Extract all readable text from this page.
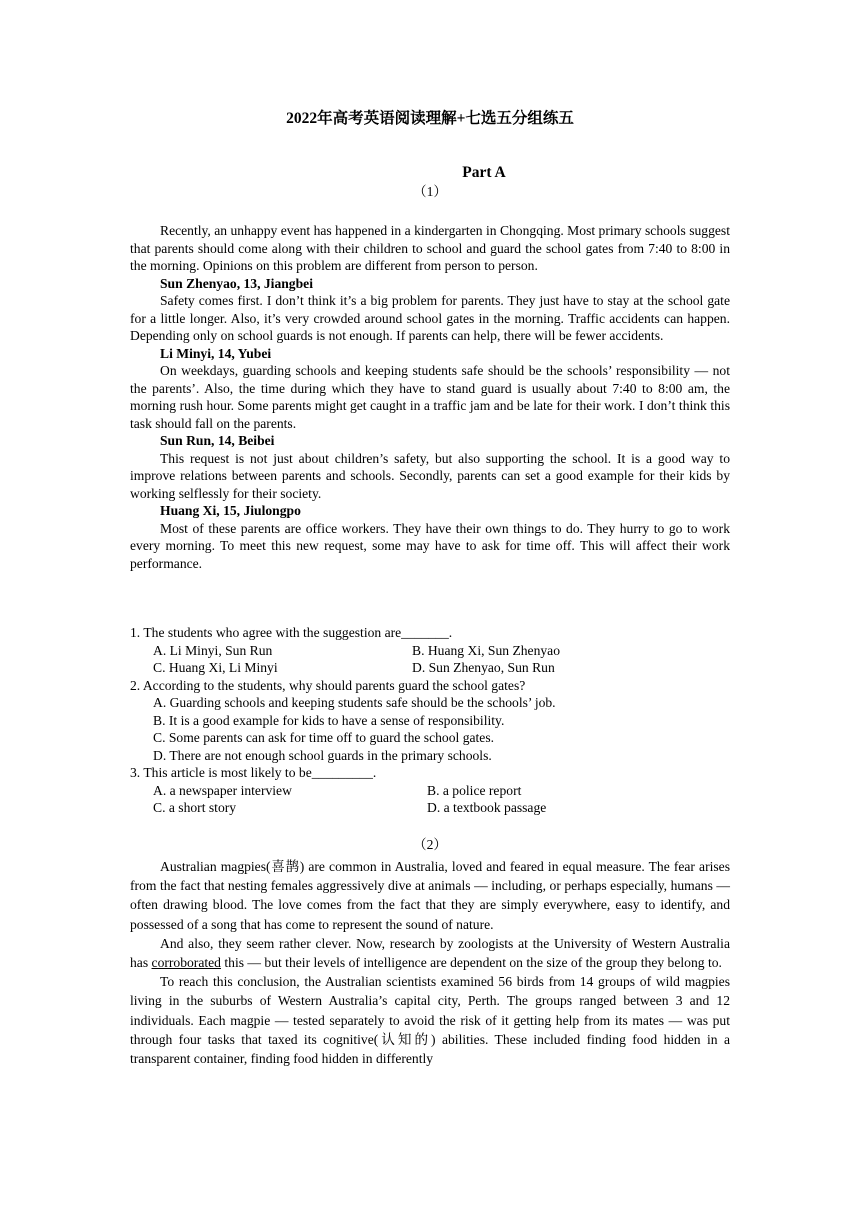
2022年高考英语阅读理解+七选五分组练五
Part A
（1）

Recently, an unhappy event has happened in a kindergarten in Chongqing. Most primary schools suggest that parents should come along with their children to school and guard the school gates from 7:40 to 8:00 in the morning. Opinions on this problem are different from person to person.

Sun Zhenyao, 13, Jiangbei

Safety comes first. I don’t think it’s a big problem for parents. They just have to stay at the school gate for a little longer. Also, it’s very crowded around school gates in the morning. Traffic accidents can happen. Depending only on school guards is not enough. If parents can help, there will be fewer accidents.

Li Minyi, 14, Yubei

On weekdays, guarding schools and keeping students safe should be the schools’ responsibility — not the parents’. Also, the time during which they have to stand guard is usually about 7:40 to 8:00 am, the morning rush hour. Some parents might get caught in a traffic jam and be late for their work. I don’t think this task should fall on the parents.

Sun Run, 14, Beibei

This request is not just about children’s safety, but also supporting the school. It is a good way to improve relations between parents and schools. Secondly, parents can set a good example for their kids by working selflessly for their society.

Huang Xi, 15, Jiulongpo

Most of these parents are office workers. They have their own things to do. They hurry to go to work every morning. To meet this new request, some may have to ask for time off. This will affect their work performance.

1. The students who agree with the suggestion are_______.
A. Li Minyi, Sun Run	B. Huang Xi, Sun Zhenyao
C. Huang Xi, Li Minyi	D. Sun Zhenyao, Sun Run
2. According to the students, why should parents guard the school gates?
A. Guarding schools and keeping students safe should be the schools’ job.
B. It is a good example for kids to have a sense of responsibility.
C. Some parents can ask for time off to guard the school gates.
D. There are not enough school guards in the primary schools.
3. This article is most likely to be_________.
A. a newspaper interview	B. a police report
C. a short story	D. a textbook passage
（2）

Australian magpies(喜鹊) are common in Australia, loved and feared in equal measure. The fear arises from the fact that nesting females aggressively dive at animals — including, or perhaps especially, humans — often drawing blood. The love comes from the fact that they are simply everywhere, easy to identify, and possessed of a song that has come to represent the sound of nature.

And also, they seem rather clever. Now, research by zoologists at the University of Western Australia has corroborated this — but their levels of intelligence are dependent on the size of the group they belong to.

To reach this conclusion, the Australian scientists examined 56 birds from 14 groups of wild magpies living in the suburbs of Western Australia’s capital city, Perth. The groups ranged between 3 and 12 individuals. Each magpie — tested separately to avoid the risk of it getting help from its mates — was put through four tasks that taxed its cognitive(认知的) abilities. These included finding food hidden in a transparent container, finding food hidden in differently
